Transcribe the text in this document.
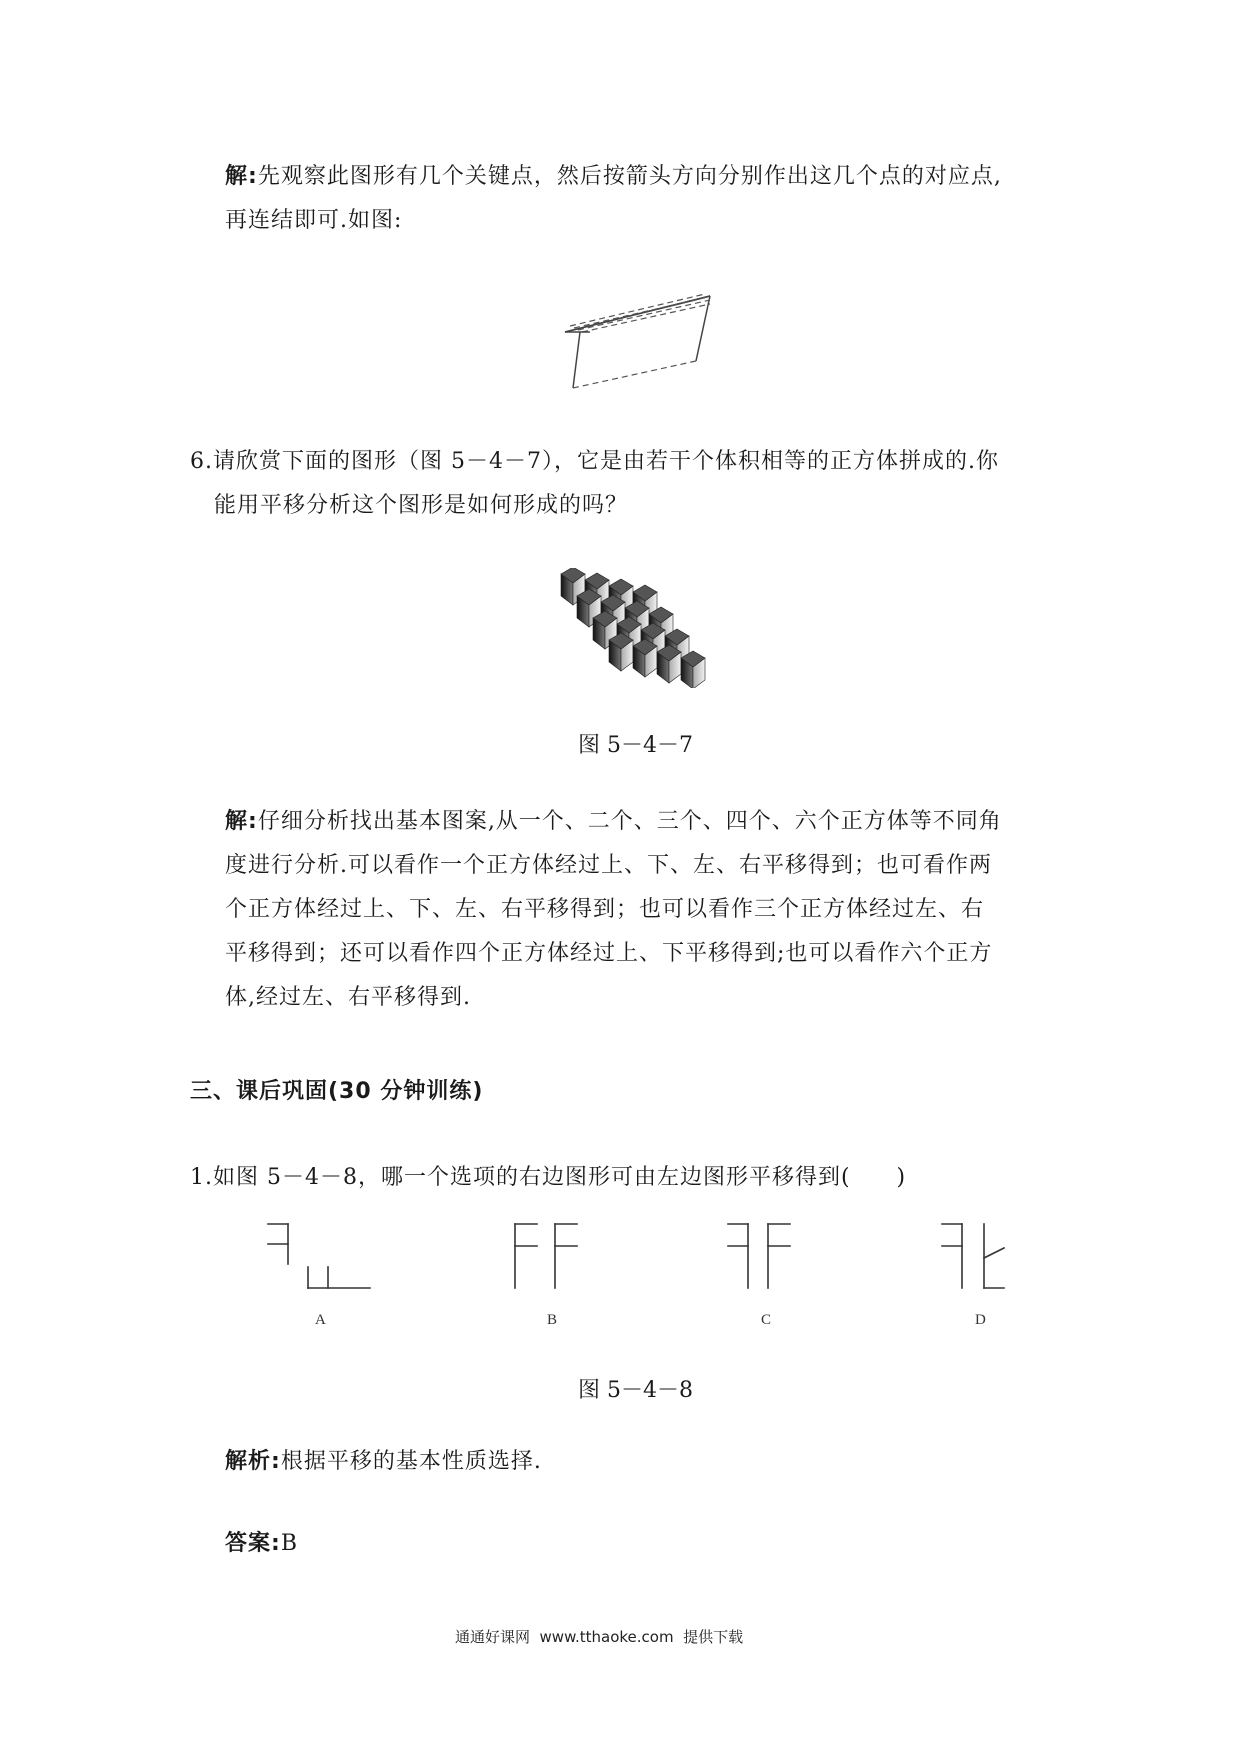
解:先观察此图形有几个关键点，然后按箭头方向分别作出这几个点的对应点,
再连结即可.如图:
6.请欣赏下面的图形（图 5－4－7），它是由若干个体积相等的正方体拼成的.你
能用平移分析这个图形是如何形成的吗？
图 5－4－7
解:仔细分析找出基本图案,从一个、二个、三个、四个、六个正方体等不同角
度进行分析.可以看作一个正方体经过上、下、左、右平移得到；也可看作两
个正方体经过上、下、左、右平移得到；也可以看作三个正方体经过左、右
平移得到；还可以看作四个正方体经过上、下平移得到;也可以看作六个正方
体,经过左、右平移得到.
三、课后巩固(30 分钟训练)
1.如图 5－4－8，哪一个选项的右边图形可由左边图形平移得到(　　)
A	B	C	D
图 5－4－8
解析:根据平移的基本性质选择.
答案:B
通通好课网  www.tthaoke.com  提供下载
